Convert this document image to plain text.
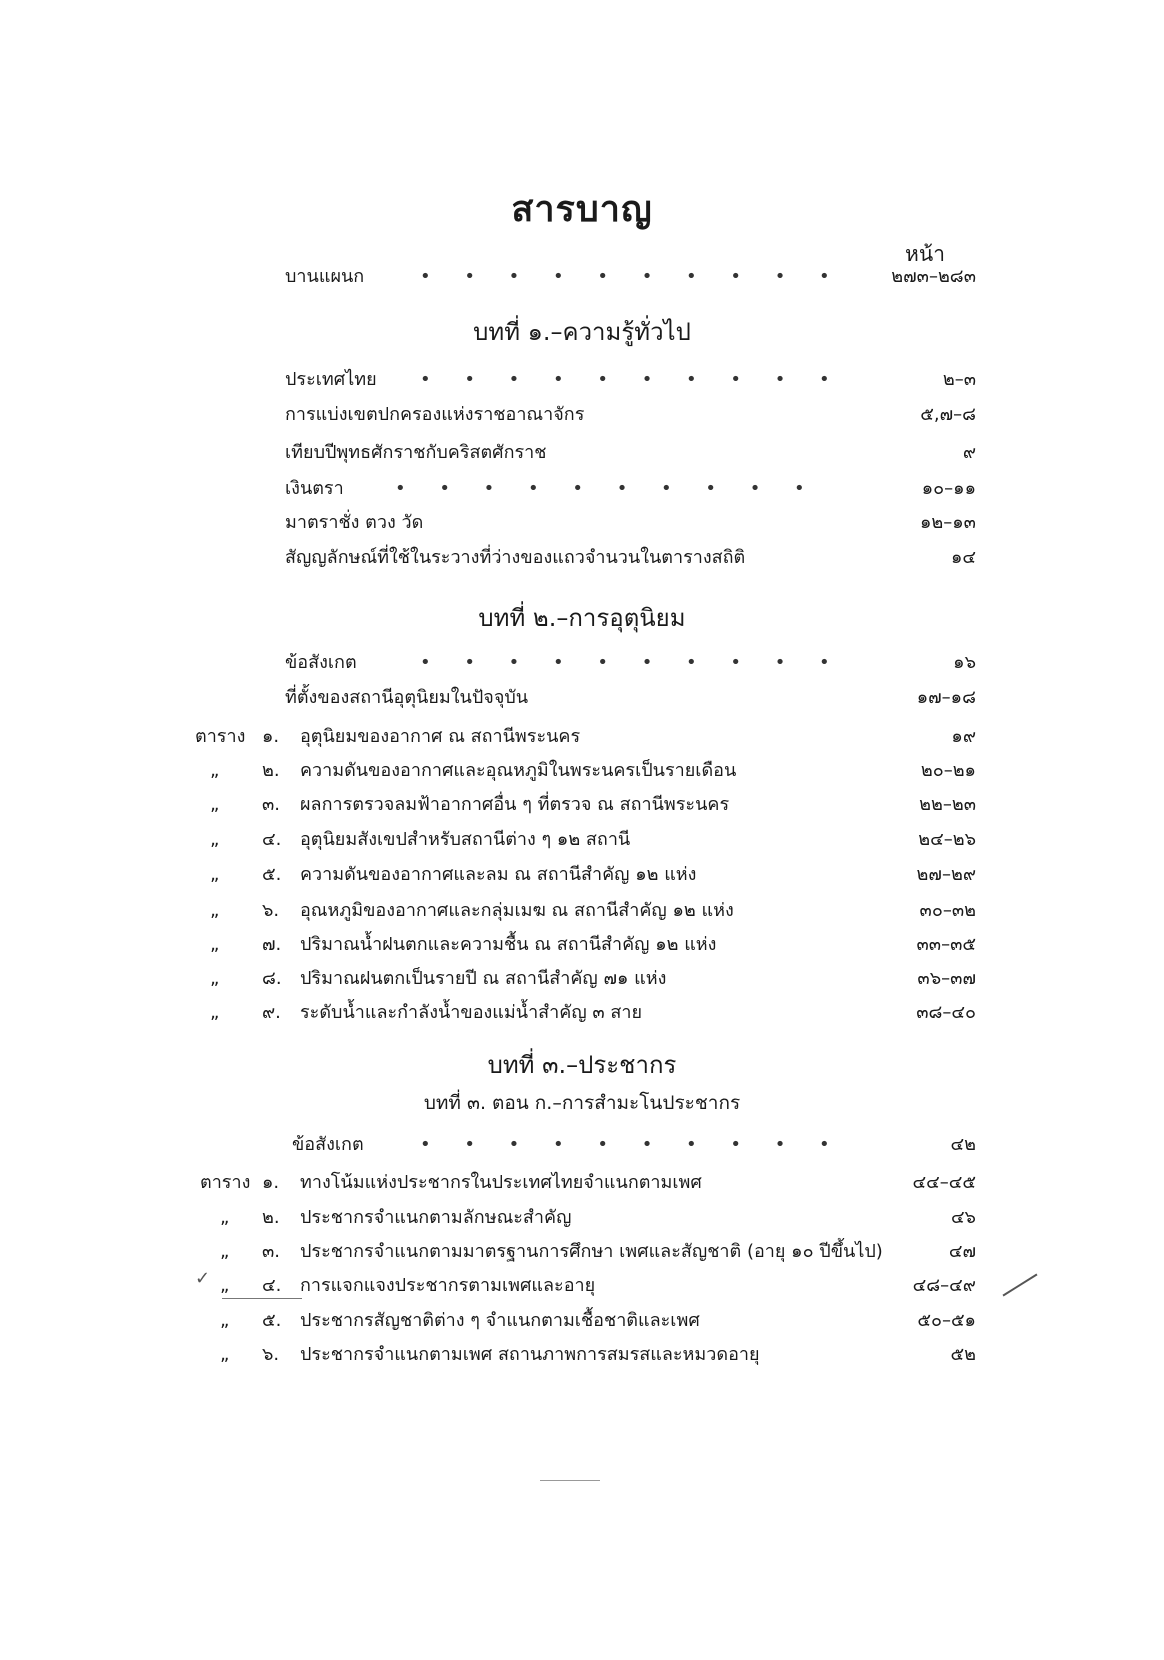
สารบาญ
หน้า
บานแผนก	• • • • • • • • • •	๒๗๓–๒๘๓
บทที่ ๑.–ความรู้ทั่วไป
ประเทศไทย • • • • • • • • • •	๒–๓
การแบ่งเขตปกครองแห่งราชอาณาจักร	๕,๗–๘
เทียบปีพุทธศักราชกับคริสตศักราช	๙
เงินตรา	• • • • • • • • • •	๑๐–๑๑
มาตราชั่ง ตวง วัด	๑๒–๑๓
สัญญลักษณ์ที่ใช้ในระวางที่ว่างของแถวจำนวนในตารางสถิติ	๑๔
บทที่ ๒.–การอุตุนิยม
ข้อสังเกต	• • • • • • • • • •	๑๖
ที่ตั้งของสถานีอุตุนิยมในปัจจุบัน	๑๗–๑๘
ตาราง ๑. อุตุนิยมของอากาศ ณ สถานีพระนคร	๑๙
„ ๒. ความดันของอากาศและอุณหภูมิในพระนครเป็นรายเดือน	๒๐–๒๑
„ ๓. ผลการตรวจลมฟ้าอากาศอื่น ๆ ที่ตรวจ ณ สถานีพระนคร	๒๒–๒๓
„ ๔. อุตุนิยมสังเขปสำหรับสถานีต่าง ๆ ๑๒ สถานี	๒๔–๒๖
„ ๕. ความดันของอากาศและลม ณ สถานีสำคัญ ๑๒ แห่ง	๒๗–๒๙
„ ๖. อุณหภูมิของอากาศและกลุ่มเมฆ ณ สถานีสำคัญ ๑๒ แห่ง	๓๐–๓๒
„ ๗. ปริมาณน้ำฝนตกและความชื้น ณ สถานีสำคัญ ๑๒ แห่ง	๓๓–๓๕
„ ๘. ปริมาณฝนตกเป็นรายปี ณ สถานีสำคัญ ๗๑ แห่ง	๓๖–๓๗
„ ๙. ระดับน้ำและกำลังน้ำของแม่น้ำสำคัญ ๓ สาย	๓๘–๔๐
บทที่ ๓.–ประชากร
บทที่ ๓. ตอน ก.–การสำมะโนประชากร
ข้อสังเกต	• • • • • • • • • •	๔๒
ตาราง ๑. ทางโน้มแห่งประชากรในประเทศไทยจำแนกตามเพศ	๔๔–๔๕
„ ๒. ประชากรจำแนกตามลักษณะสำคัญ	๔๖
„ ๓. ประชากรจำแนกตามมาตรฐานการศึกษา เพศและสัญชาติ (อายุ ๑๐ ปีขึ้นไป)	๔๗
„ ๔. การแจกแจงประชากรตามเพศและอายุ	๔๘–๔๙
„ ๕. ประชากรสัญชาติต่าง ๆ จำแนกตามเชื้อชาติและเพศ	๕๐–๕๑
„ ๖. ประชากรจำแนกตามเพศ สถานภาพการสมรสและหมวดอายุ	๕๒
✓
